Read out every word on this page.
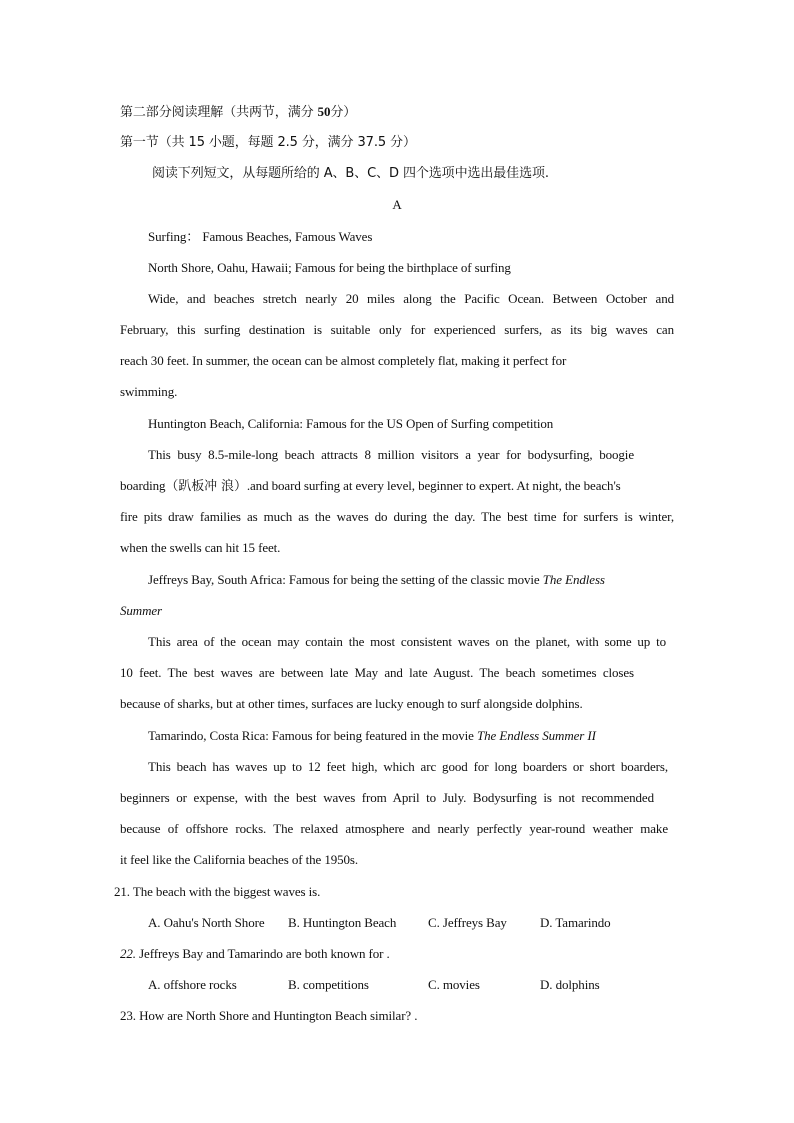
第二部分阅读理解（共两节，满分 50分）
第一节（共 15 小题，每题 2.5 分，满分 37.5 分）
阅读下列短文，从每题所给的 A、B、C、D 四个选项中选出最佳选项.
A
Surfing： Famous Beaches, Famous Waves
North Shore, Oahu, Hawaii; Famous for being the birthplace of surfing
Wide, and beaches stretch nearly 20 miles along the Pacific Ocean. Between October and
February, this surfing destination is suitable only for experienced surfers, as its big waves can
reach 30 feet. In summer, the ocean can be almost completely flat, making it perfect for
swimming.
Huntington Beach, California: Famous for the US Open of Surfing competition
This busy 8.5-mile-long beach attracts 8 million visitors a year for bodysurfing, boogie
boarding（趴板冲 浪）.and board surfing at every level, beginner to expert. At night, the beach's
fire pits draw families as much as the waves do during the day. The best time for surfers is winter,
when the swells can hit 15 feet.
Jeffreys Bay, South Africa: Famous for being the setting of the classic movie The Endless
Summer
This area of the ocean may contain the most consistent waves on the planet, with some up to
10 feet. The best waves are between late May and late August. The beach sometimes closes
because of sharks, but at other times, surfaces are lucky enough to surf alongside dolphins.
Tamarindo, Costa Rica: Famous for being featured in the movie The Endless Summer II
This beach has waves up to 12 feet high, which arc good for long boarders or short boarders,
beginners or expense, with the best waves from April to July. Bodysurfing is not recommended
because of offshore rocks. The relaxed atmosphere and nearly perfectly year-round weather make
it feel like the California beaches of the 1950s.
21. The beach with the biggest waves is.
A. Oahu's North Shore B. Huntington Beach C. Jeffreys Bay	D. Tamarindo
22. Jeffreys Bay and Tamarindo are both known for .
A. offshore rocks	B. competitions	C. movies	D. dolphins
23. How are North Shore and Huntington Beach similar? .
